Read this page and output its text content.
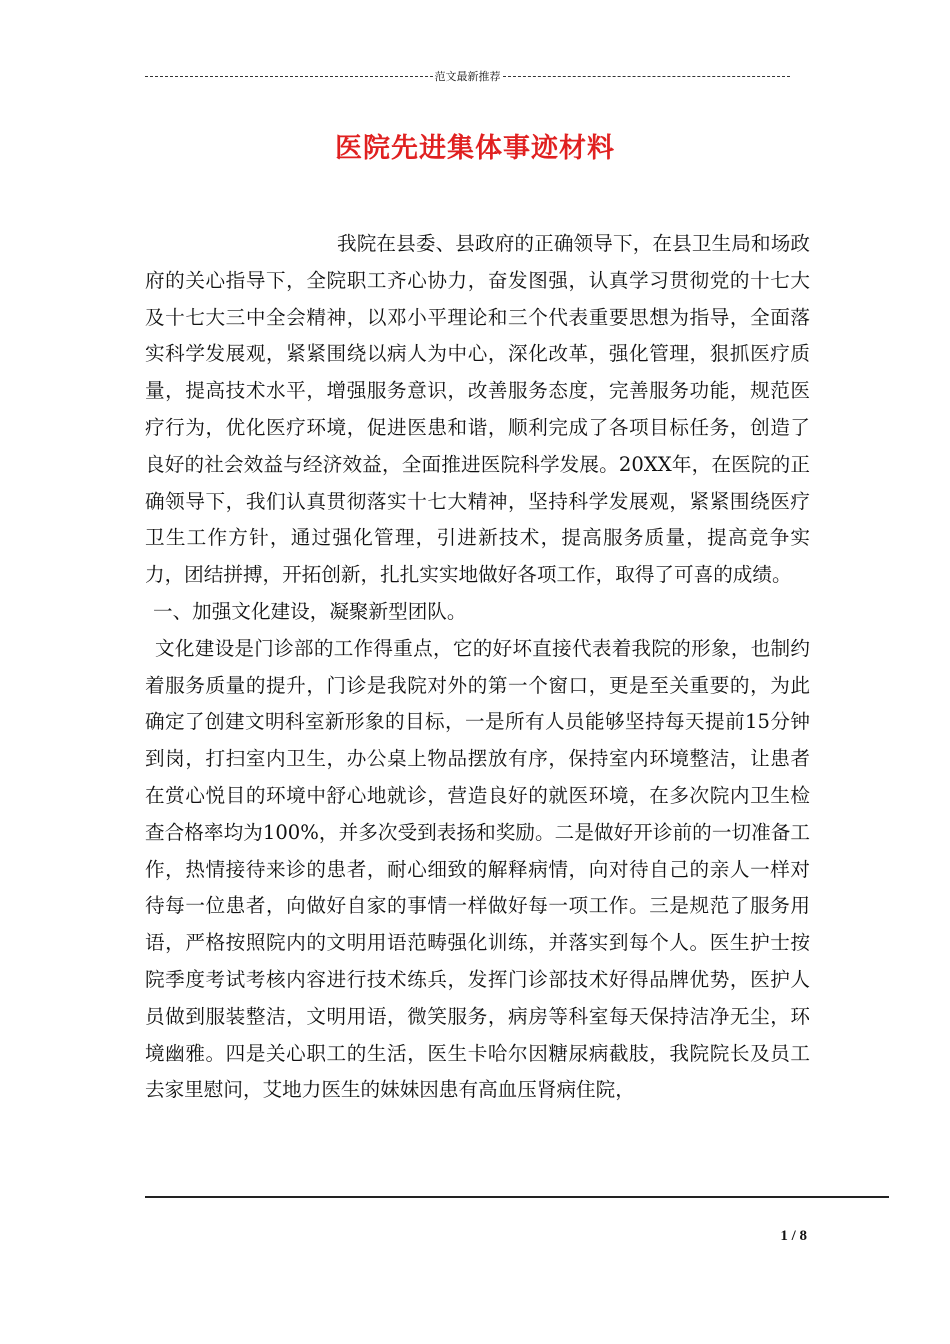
范文最新推荐
医院先进集体事迹材料

我院在县委、县政府的正确领导下，在县卫生局和场政府的关心指导下，全院职工齐心协力，奋发图强，认真学习贯彻党的十七大及十七大三中全会精神，以邓小平理论和三个代表重要思想为指导，全面落实科学发展观，紧紧围绕以病人为中心，深化改革，强化管理，狠抓医疗质量，提高技术水平，增强服务意识，改善服务态度，完善服务功能，规范医疗行为，优化医疗环境，促进医患和谐，顺利完成了各项目标任务，创造了良好的社会效益与经济效益，全面推进医院科学发展。20XX年，在医院的正确领导下，我们认真贯彻落实十七大精神，坚持科学发展观，紧紧围绕医疗卫生工作方针，通过强化管理，引进新技术，提高服务质量，提高竞争实力，团结拼搏，开拓创新，扎扎实实地做好各项工作，取得了可喜的成绩。

一、加强文化建设，凝聚新型团队。

文化建设是门诊部的工作得重点，它的好坏直接代表着我院的形象，也制约着服务质量的提升，门诊是我院对外的第一个窗口，更是至关重要的，为此确定了创建文明科室新形象的目标，一是所有人员能够坚持每天提前15分钟到岗，打扫室内卫生，办公桌上物品摆放有序，保持室内环境整洁，让患者在赏心悦目的环境中舒心地就诊，营造良好的就医环境，在多次院内卫生检查合格率均为100%，并多次受到表扬和奖励。二是做好开诊前的一切准备工作，热情接待来诊的患者，耐心细致的解释病情，向对待自己的亲人一样对待每一位患者，向做好自家的事情一样做好每一项工作。三是规范了服务用语，严格按照院内的文明用语范畴强化训练，并落实到每个人。医生护士按院季度考试考核内容进行技术练兵，发挥门诊部技术好得品牌优势，医护人员做到服装整洁，文明用语，微笑服务，病房等科室每天保持洁净无尘，环境幽雅。四是关心职工的生活，医生卡哈尔因糖尿病截肢，我院院长及员工去家里慰问，艾地力医生的妹妹因患有高血压肾病住院，

1 / 8
